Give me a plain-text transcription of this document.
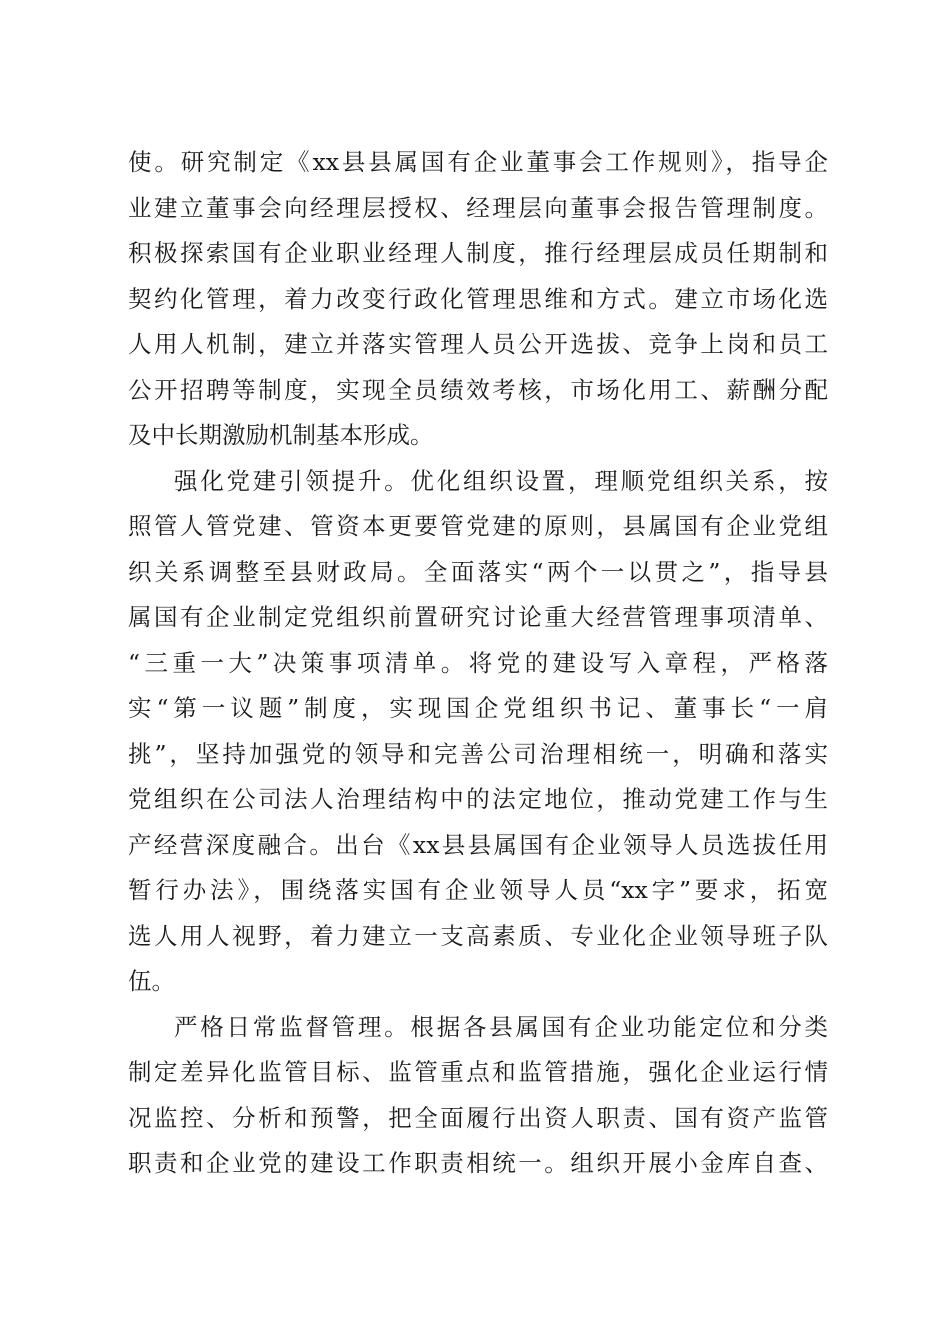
使。研究制定《xx县县属国有企业董事会工作规则》，指导企
业建立董事会向经理层授权、经理层向董事会报告管理制度。
积极探索国有企业职业经理人制度，推行经理层成员任期制和
契约化管理，着力改变行政化管理思维和方式。建立市场化选
人用人机制，建立并落实管理人员公开选拔、竞争上岗和员工
公开招聘等制度，实现全员绩效考核，市场化用工、薪酬分配
及中长期激励机制基本形成。
强化党建引领提升。优化组织设置，理顺党组织关系，按
照管人管党建、管资本更要管党建的原则，县属国有企业党组
织关系调整至县财政局。全面落实“两个一以贯之”，指导县
属国有企业制定党组织前置研究讨论重大经营管理事项清单、
“三重一大”决策事项清单。将党的建设写入章程，严格落
实“第一议题”制度，实现国企党组织书记、董事长“一肩
挑”，坚持加强党的领导和完善公司治理相统一，明确和落实
党组织在公司法人治理结构中的法定地位，推动党建工作与生
产经营深度融合。出台《xx县县属国有企业领导人员选拔任用
暂行办法》，围绕落实国有企业领导人员“xx字”要求，拓宽
选人用人视野，着力建立一支高素质、专业化企业领导班子队
伍。
严格日常监督管理。根据各县属国有企业功能定位和分类
制定差异化监管目标、监管重点和监管措施，强化企业运行情
况监控、分析和预警，把全面履行出资人职责、国有资产监管
职责和企业党的建设工作职责相统一。组织开展小金库自查、
